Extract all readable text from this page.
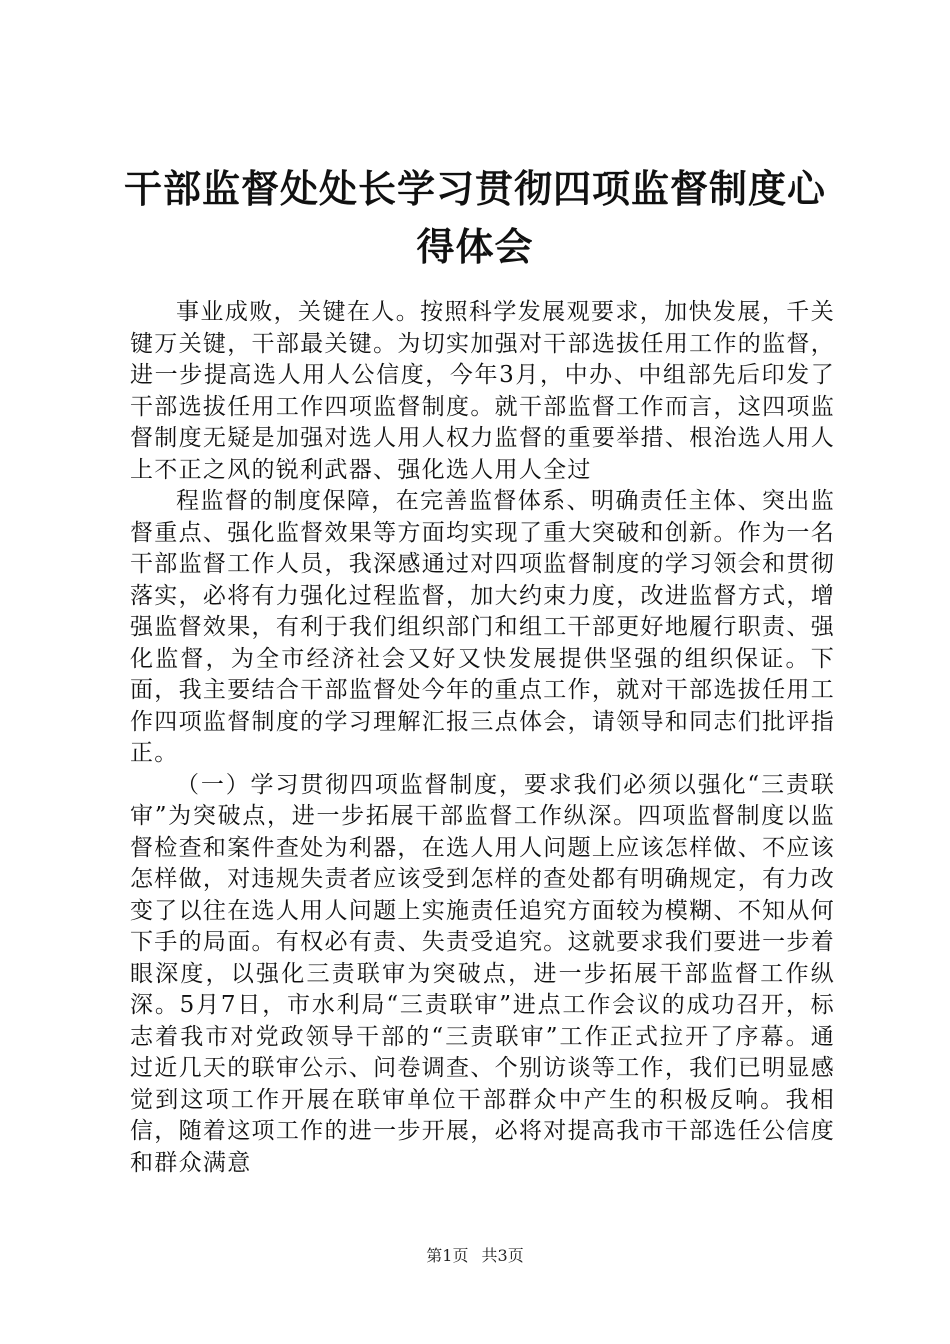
干部监督处处长学习贯彻四项监督制度心得体会

事业成败，关键在人。按照科学发展观要求，加快发展，千关键万关键，干部最关键。为切实加强对干部选拔任用工作的监督，进一步提高选人用人公信度，今年3月，中办、中组部先后印发了干部选拔任用工作四项监督制度。就干部监督工作而言，这四项监督制度无疑是加强对选人用人权力监督的重要举措、根治选人用人上不正之风的锐利武器、强化选人用人全过

程监督的制度保障，在完善监督体系、明确责任主体、突出监督重点、强化监督效果等方面均实现了重大突破和创新。作为一名干部监督工作人员，我深感通过对四项监督制度的学习领会和贯彻落实，必将有力强化过程监督，加大约束力度，改进监督方式，增强监督效果，有利于我们组织部门和组工干部更好地履行职责、强化监督，为全市经济社会又好又快发展提供坚强的组织保证。下面，我主要结合干部监督处今年的重点工作，就对干部选拔任用工作四项监督制度的学习理解汇报三点体会，请领导和同志们批评指正。

（一）学习贯彻四项监督制度，要求我们必须以强化“三责联审”为突破点，进一步拓展干部监督工作纵深。四项监督制度以监督检查和案件查处为利器，在选人用人问题上应该怎样做、不应该怎样做，对违规失责者应该受到怎样的查处都有明确规定，有力改变了以往在选人用人问题上实施责任追究方面较为模糊、不知从何下手的局面。有权必有责、失责受追究。这就要求我们要进一步着眼深度，以强化三责联审为突破点，进一步拓展干部监督工作纵深。5月7日，市水利局“三责联审”进点工作会议的成功召开，标志着我市对党政领导干部的“三责联审”工作正式拉开了序幕。通过近几天的联审公示、问卷调查、个别访谈等工作，我们已明显感觉到这项工作开展在联审单位干部群众中产生的积极反响。我相信，随着这项工作的进一步开展，必将对提高我市干部选任公信度和群众满意

第1页 共3页
